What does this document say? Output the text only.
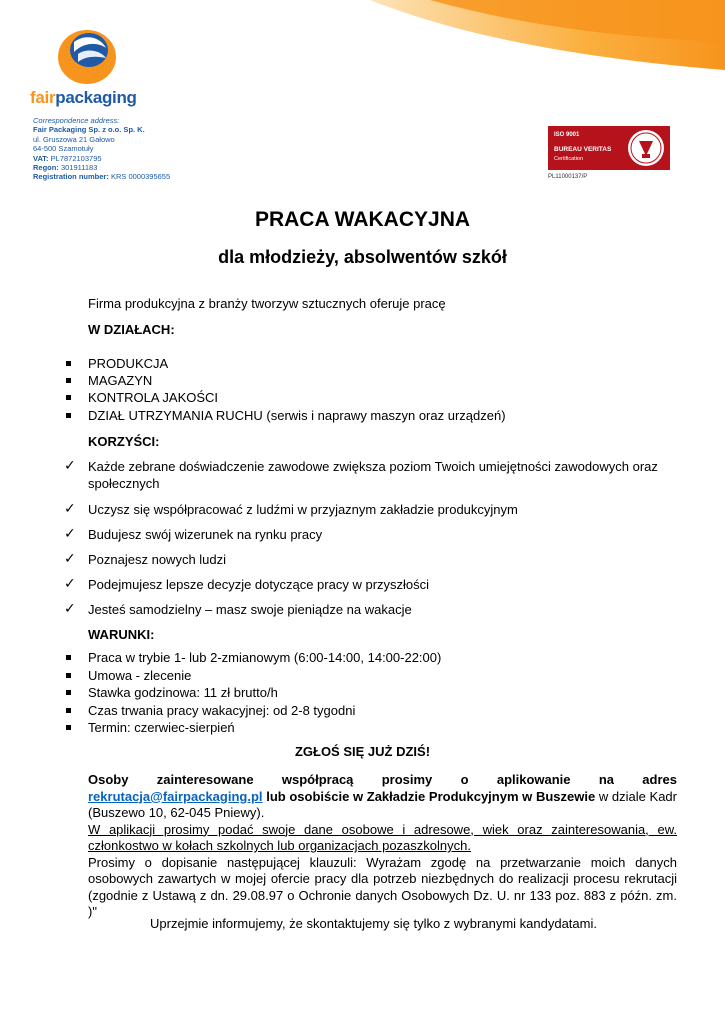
fairpackaging
Correspondence address:
Fair Packaging Sp. z o.o. Sp. K.
ul. Gruszowa 21 Gałowo
64-500 Szamotuły
VAT: PL7872103795
Regon: 301911183
Registration number: KRS 0000395655
ISO 9001
BUREAU VERITAS
Certification
PL11000137/P
PRACA WAKACYJNA
dla młodzieży, absolwentów szkół
Firma produkcyjna z branży tworzyw sztucznych oferuje pracę
W DZIAŁACH:
PRODUKCJA
MAGAZYN
KONTROLA JAKOŚCI
DZIAŁ UTRZYMANIA RUCHU (serwis i naprawy maszyn oraz urządzeń)
KORZYŚCI:
✓ Każde zebrane doświadczenie zawodowe zwiększa poziom Twoich umiejętności zawodowych oraz
społecznych
✓ Uczysz się współpracować z ludźmi w przyjaznym zakładzie produkcyjnym
✓ Budujesz swój wizerunek na rynku pracy
✓ Poznajesz nowych ludzi
✓ Podejmujesz lepsze decyzje dotyczące pracy w przyszłości
✓ Jesteś samodzielny – masz swoje pieniądze na wakacje
WARUNKI:
Praca w trybie 1- lub 2-zmianowym (6:00-14:00, 14:00-22:00)
Umowa - zlecenie
Stawka godzinowa: 11 zł brutto/h
Czas trwania pracy wakacyjnej: od 2-8 tygodni
Termin: czerwiec-sierpień
ZGŁOŚ SIĘ JUŻ DZIŚ!
Osoby zainteresowane współpracą prosimy o aplikowanie na adres rekrutacja@fairpackaging.pl lub osobiście w Zakładzie Produkcyjnym w Buszewie w dziale Kadr (Buszewo 10, 62-045 Pniewy).
W aplikacji prosimy podać swoje dane osobowe i adresowe, wiek oraz zainteresowania, ew. członkostwo w kołach szkolnych lub organizacjach pozaszkolnych.
Prosimy o dopisanie następującej klauzuli: Wyrażam zgodę na przetwarzanie moich danych osobowych zawartych w mojej ofercie pracy dla potrzeb niezbędnych do realizacji procesu rekrutacji (zgodnie z Ustawą z dn. 29.08.97 o Ochronie danych Osobowych Dz. U. nr 133 poz. 883 z późn. zm. )"
Uprzejmie informujemy, że skontaktujemy się tylko z wybranymi kandydatami.
